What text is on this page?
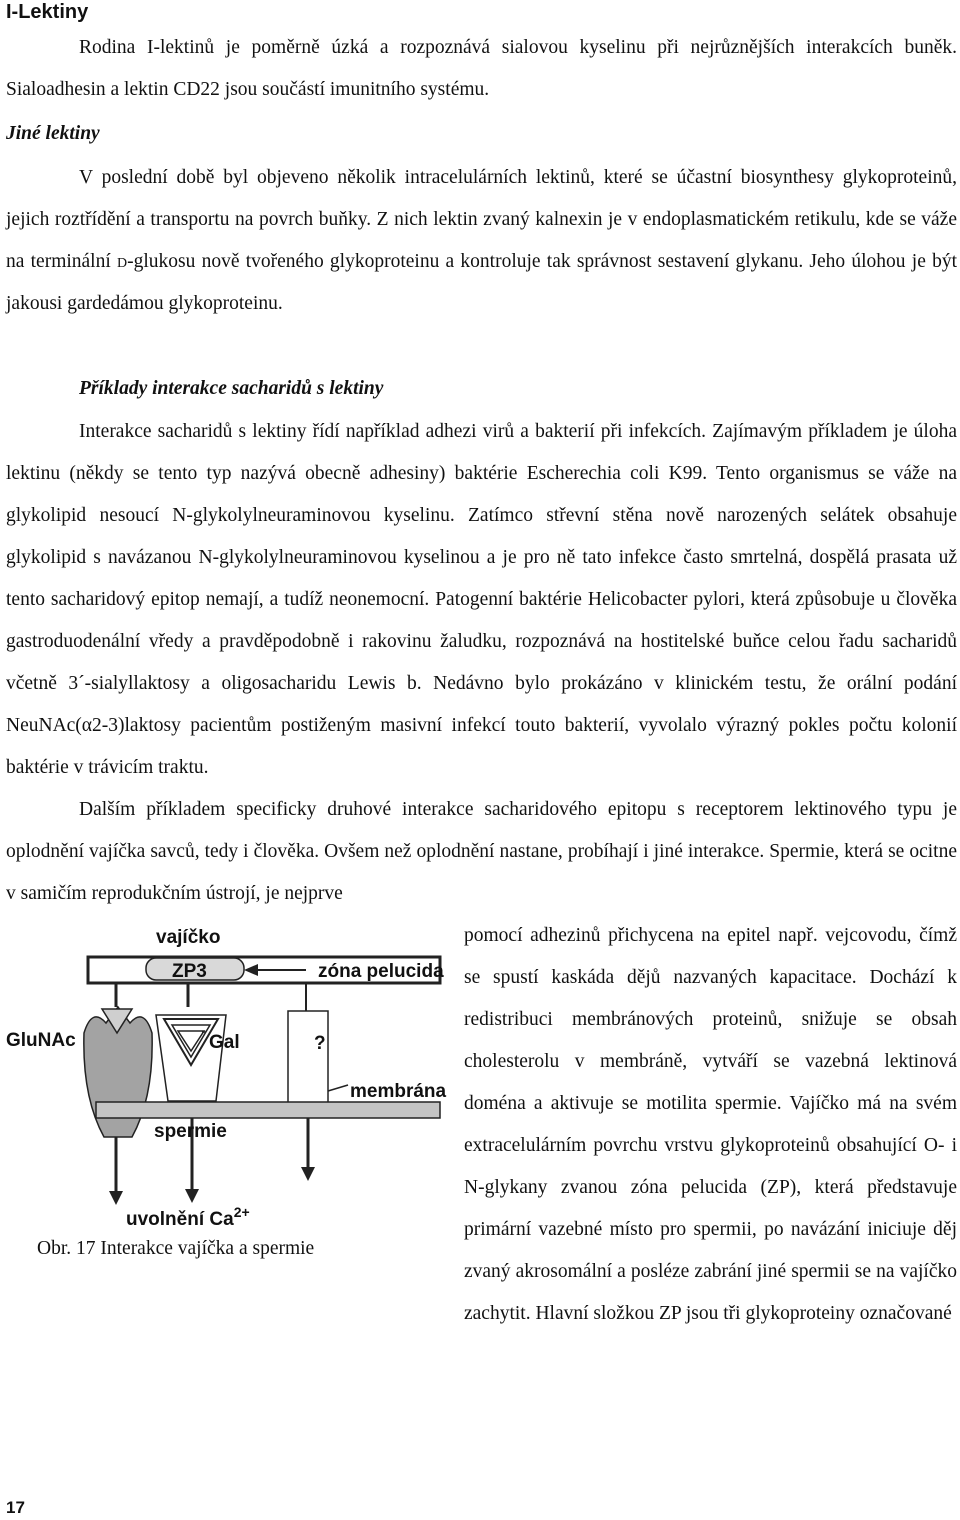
I-Lektiny

Rodina I-lektinů je poměrně úzká a rozpoznává sialovou kyselinu při nejrůznějších interakcích buněk. Sialoadhesin a lektin CD22 jsou součástí imunitního systému.

Jiné lektiny

V poslední době byl objeveno několik intracelulárních lektinů, které se účastní biosynthesy glykoproteinů, jejich roztřídění a transportu na povrch buňky. Z nich lektin zvaný kalnexin je v endoplasmatickém retikulu, kde se váže na terminální d-glukosu nově tvořeného glykoproteinu a kontroluje tak správnost sestavení glykanu. Jeho úlohou je být jakousi gardedámou glykoproteinu.

Příklady interakce sacharidů s lektiny

Interakce sacharidů s lektiny řídí například adhezi virů a bakterií při infekcích. Zajímavým příkladem je úloha lektinu (někdy se tento typ nazývá obecně adhesiny) baktérie Escherechia coli K99. Tento organismus se váže na glykolipid nesoucí N-glykolylneuraminovou kyselinu. Zatímco střevní stěna nově narozených selátek obsahuje glykolipid s navázanou N-glykolylneuraminovou kyselinou a je pro ně tato infekce často smrtelná, dospělá prasata už tento sacharidový epitop nemají, a tudíž neonemocní. Patogenní baktérie Helicobacter pylori, která způsobuje u člověka gastroduodenální vředy a pravděpodobně i rakovinu žaludku, rozpoznává na hostitelské buňce celou řadu sacharidů včetně 3´-sialyllaktosy a oligosacharidu Lewis b. Nedávno bylo prokázáno v klinickém testu, že orální podání NeuNAc(α2-3)laktosy pacientům postiženým masivní infekcí touto bakterií, vyvolalo výrazný pokles počtu kolonií baktérie v trávicím traktu.

Dalším příkladem specificky druhové interakce sacharidového epitopu s receptorem lektinového typu je oplodnění vajíčka savců, tedy i člověka. Ovšem než oplodnění nastane, probíhají i jiné interakce. Spermie, která se ocitne v samičím reprodukčním ústrojí, je nejprve

vajíčko
ZP3	zóna pelucida
GluNAc	Gal	?
membrána
spermie
uvolnění $Ca^{2+}$
Obr. 17 Interakce vajíčka a spermie

pomocí adhezinů přichycena na epitel např. vejcovodu, čímž se spustí kaskáda dějů nazvaných kapacitace. Dochází k redistribuci membránových proteinů, snižuje se obsah cholesterolu v membráně, vytváří se vazebná lektinová doména a aktivuje se motilita spermie. Vajíčko má na svém extracelulárním povrchu vrstvu glykoproteinů obsahující O- i N-glykany zvanou zóna pelucida (ZP), která představuje primární vazebné místo pro spermii, po navázání iniciuje děj zvaný akrosomální a posléze zabrání jiné spermii se na vajíčko zachytit. Hlavní složkou ZP jsou tři glykoproteiny označované

17
